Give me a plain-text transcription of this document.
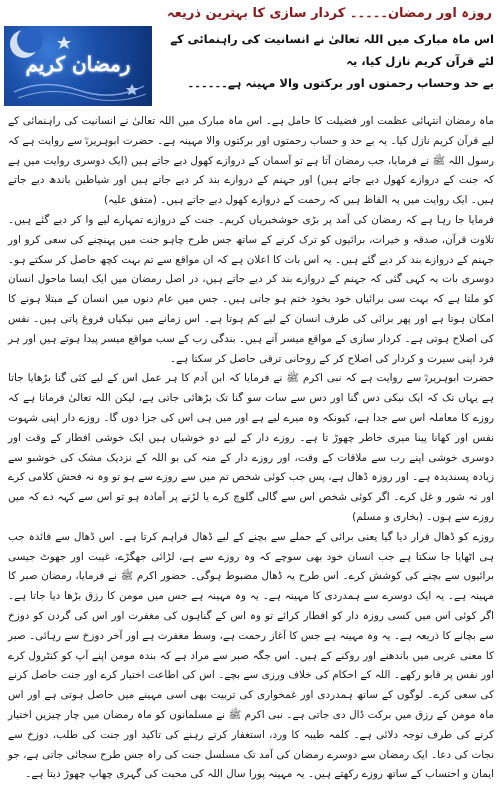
روزہ اور رمضان۔۔۔۔۔ کردار سازی کا بہترین ذریعہ
رمضان کریم

اس ماہ مبارک میں اللہ تعالیٰ نے انسانیت کی راہنمائی کے لئے قرآن کریم نازل کیا، یہ

بے حد وحساب رحمتوں اور برکتوں والا مہینہ ہے۔۔۔۔۔۔

ماہ رمضان انتہائی عظمت اور فضیلت کا حامل ہے۔ اس ماہ مبارک میں اللہ تعالیٰ نے انسانیت کی راہنمائی کے لیے قرآن کریم نازل کیا۔ یہ بے حد و حساب رحمتوں اور برکتوں والا مہینہ ہے۔ حضرت ابوہریرہؓ سے روایت ہے کہ رسول اللہ ﷺ نے فرمایا، جب رمضان آتا ہے تو آسمان کے دروازے کھول دیے جاتے ہیں (ایک دوسری روایت میں ہے کہ جنت کے دروازے کھول دیے جاتے ہیں) اور جہنم کے دروازے بند کر دیے جاتے ہیں اور شیاطین باندھ دیے جاتے ہیں۔ ایک روایت میں یہ الفاظ ہیں کہ رحمت کے دروازے کھول دیے جاتے ہیں۔ (متفق علیہ)

فرمایا جا رہا ہے کہ رمضان کی آمد پر بڑی خوشخبریاں کریم۔ جنت کے دروازے تمہارے لیے وا کر دیے گئے ہیں۔ تلاوت قرآن، صدقہ و خیرات، برائیوں کو ترک کرنے کے ساتھ جس طرح چاہو جنت میں پہنچنے کی سعی کرو اور جہنم کے دروازے بند کر دیے گئے ہیں۔ یہ اس بات کا اعلان ہے کہ ان مواقع سے تم بہت کچھ حاصل کر سکتے ہو۔ دوسری بات یہ کہی گئی کہ جہنم کے دروازے بند کر دیے جاتے ہیں، در اصل رمضان میں ایک ایسا ماحول انسان کو ملتا ہے کہ بہت سی برائیاں خود بخود ختم ہو جاتی ہیں۔ جس میں عام دنوں میں انسان کے مبتلا ہونے کا امکان ہوتا ہے اور پھر برائی کی طرف انسان کے لیے کم ہوتا ہے۔ اس زمانے میں نیکیاں فروغ پاتی ہیں۔ نفس کی اصلاح ہوتی ہے۔ کردار سازی کے مواقع میسر آتے ہیں۔ بندگی رب کے سب مواقع میسر پیدا ہوتے ہیں اور ہر فرد اپنی سیرت و کردار کی اصلاح کر کے روحانی ترقی حاصل کر سکتا ہے۔

حضرت ابوہریرہؓ سے روایت ہے کہ نبی اکرم ﷺ نے فرمایا کہ ابن آدم کا ہر عمل اس کے لیے کئی گنا بڑھایا جاتا ہے یہاں تک کہ ایک نیکی دس گنا اور دس سے سات سو گنا تک بڑھائی جاتی ہے، لیکن اللہ تعالیٰ فرماتا ہے کہ روزے کا معاملہ اس سے جدا ہے، کیونکہ وہ میرے لیے ہے اور میں ہی اس کی جزا دوں گا۔ روزے دار اپنی شہوت نفس اور کھانا پینا میری خاطر چھوڑ تا ہے۔ روزے دار کے لیے دو خوشیاں ہیں ایک خوشی افطار کے وقت اور دوسری خوشی اپنے رب سے ملاقات کے وقت، اور روزے دار کے منہ کی بو اللہ کے نزدیک مشک کی خوشبو سے زیادہ پسندیدہ ہے۔ اور روزہ ڈھال ہے، پس جب کوئی شخص تم میں سے روزے سے ہو تو وہ نہ فحش کلامی کرے اور نہ شور و غل کرے۔ اگر کوئی شخص اس سے گالی گلوچ کرے یا لڑنے پر آمادہ ہو تو اس سے کہہ دے کہ میں روزے سے ہوں۔ (بخاری و مسلم)

روزے کو ڈھال قرار دیا گیا یعنی برائی کے حملے سے بچنے کے لیے ڈھال فراہم کرتا ہے۔ اس ڈھال سے فائدہ جب ہی اٹھایا جا سکتا ہے جب انسان خود بھی سوچے کہ وہ روزے سے ہے، لڑائی جھگڑے، غیبت اور جھوٹ جیسی برائیوں سے بچنے کی کوشش کرے۔ اس طرح یہ ڈھال مضبوط ہوگی۔ حضور اکرم ﷺ نے فرمایا، رمضان صبر کا مہینہ ہے۔ یہ ایک دوسرے سے ہمدردی کا مہینہ ہے۔ یہ وہ مہینہ ہے جس میں مومن کا رزق بڑھا دیا جاتا ہے۔ اگر کوئی اس میں کسی روزہ دار کو افطار کرائے تو وہ اس کے گناہوں کی مغفرت اور اس کی گردن کو دوزخ سے بچانے کا ذریعہ ہے۔ یہ وہ مہینہ ہے جس کا آغاز رحمت ہے، وسط مغفرت ہے اور آخر دوزخ سے رہائی۔ صبر کا معنی عربی میں باندھنے اور روکنے کے ہیں۔ اس جگہ صبر سے مراد ہے کہ بندہ مومن اپنے آپ کو کنٹرول کرے اور نفس پر قابو رکھے۔ اللہ کے احکام کی خلاف ورزی سے بچے۔ اس کی اطاعت اختیار کرے اور جنت حاصل کرنے کی سعی کرے۔ لوگوں کے ساتھ ہمدردی اور غمخواری کی تربیت بھی اسی مہینے میں حاصل ہوتی ہے اور اس ماہ مومن کے رزق میں برکت ڈال دی جاتی ہے۔ نبی اکرم ﷺ نے مسلمانوں کو ماہ رمضان میں چار چیزیں اختیار کرنے کی طرف توجہ دلائی ہے۔ کلمہ طیبہ کا ورد، استغفار کرتے رہنے کی تاکید اور جنت کی طلب، دوزخ سے نجات کی دعا۔ ایک رمضان سے دوسرے رمضان کی آمد تک مسلسل جنت کی راہ جس طرح سجائی جاتی ہے، جو ایمان و احتساب کے ساتھ روزے رکھتے ہیں۔ یہ مہینہ پورا سال اللہ کی محبت کی گہری چھاپ چھوڑ دیتا ہے۔
